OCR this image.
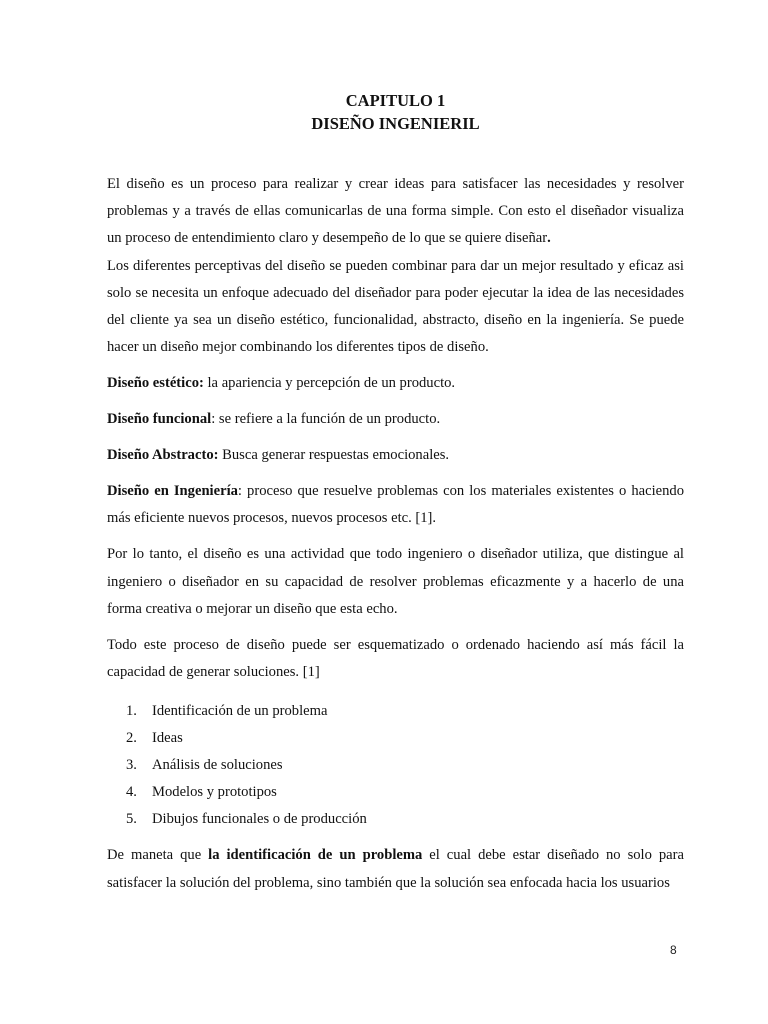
CAPITULO 1
DISEÑO INGENIERIL

El diseño es un proceso para realizar y crear ideas para satisfacer las necesidades y resolver problemas y a través de ellas comunicarlas de una forma simple. Con esto el diseñador visualiza un proceso de entendimiento claro y desempeño de lo que se quiere diseñar.

Los diferentes perceptivas del diseño se pueden combinar para dar un mejor resultado y eficaz asi solo se necesita un enfoque adecuado del diseñador para poder ejecutar la idea de las necesidades del cliente ya sea un diseño estético, funcionalidad, abstracto, diseño en la ingeniería. Se puede hacer un diseño mejor combinando los diferentes tipos de diseño.

Diseño estético: la apariencia y percepción de un producto.

Diseño funcional: se refiere a la función de un producto.

Diseño Abstracto: Busca generar respuestas emocionales.

Diseño en Ingeniería: proceso que resuelve problemas con los materiales existentes o haciendo más eficiente nuevos procesos, nuevos procesos etc. [1].

Por lo tanto, el diseño es una actividad que todo ingeniero o diseñador utiliza, que distingue al ingeniero o diseñador en su capacidad de resolver problemas eficazmente y a hacerlo de una forma creativa o mejorar un diseño que esta echo.

Todo este proceso de diseño puede ser esquematizado o ordenado haciendo así más fácil la capacidad de generar soluciones. [1]

1. Identificación de un problema
2. Ideas
3. Análisis de soluciones
4. Modelos y prototipos
5. Dibujos funcionales o de producción

De maneta que la identificación de un problema el cual debe estar diseñado no solo para satisfacer la solución del problema, sino también que la solución sea enfocada hacia los usuarios

8
